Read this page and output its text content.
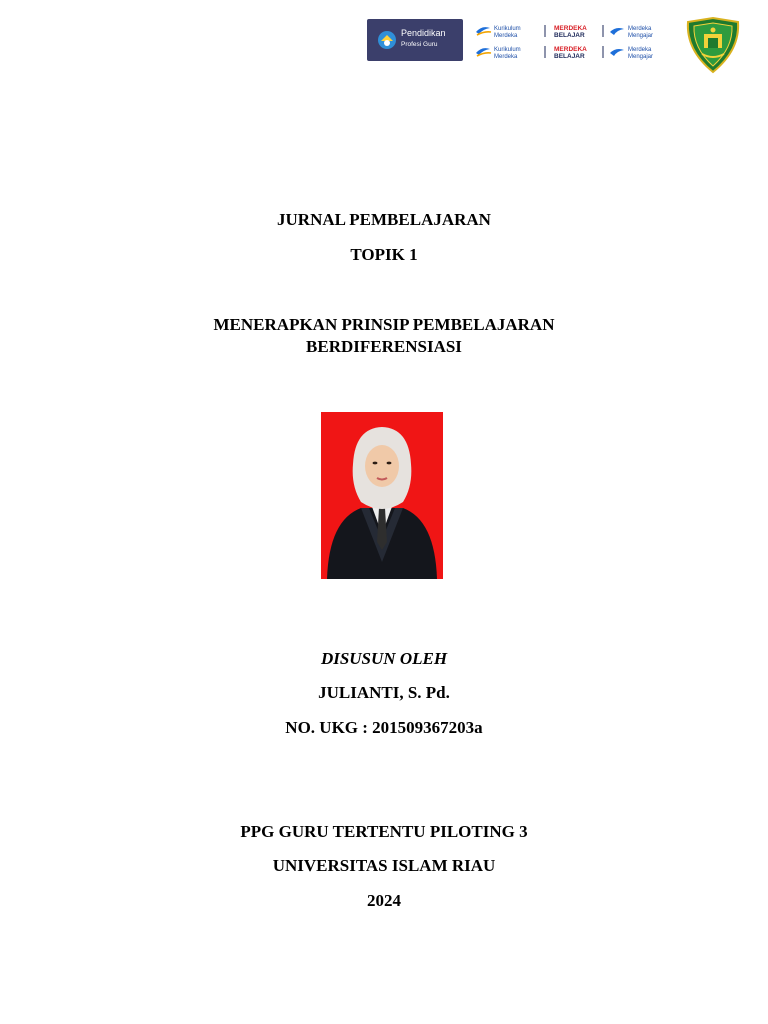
Pendidikan
Profesi Guru
Kurikulum
Merdeka
MERDEKA
BELAJAR
Merdeka
Mengajar
Kurikulum
Merdeka
MERDEKA
BELAJAR
Merdeka
Mengajar
JURNAL PEMBELAJARAN
TOPIK 1
MENERAPKAN PRINSIP PEMBELAJARAN
BERDIFERENSIASI
DISUSUN OLEH
JULIANTI, S. Pd.
NO. UKG : 201509367203a
PPG GURU TERTENTU PILOTING 3
UNIVERSITAS ISLAM RIAU
2024
